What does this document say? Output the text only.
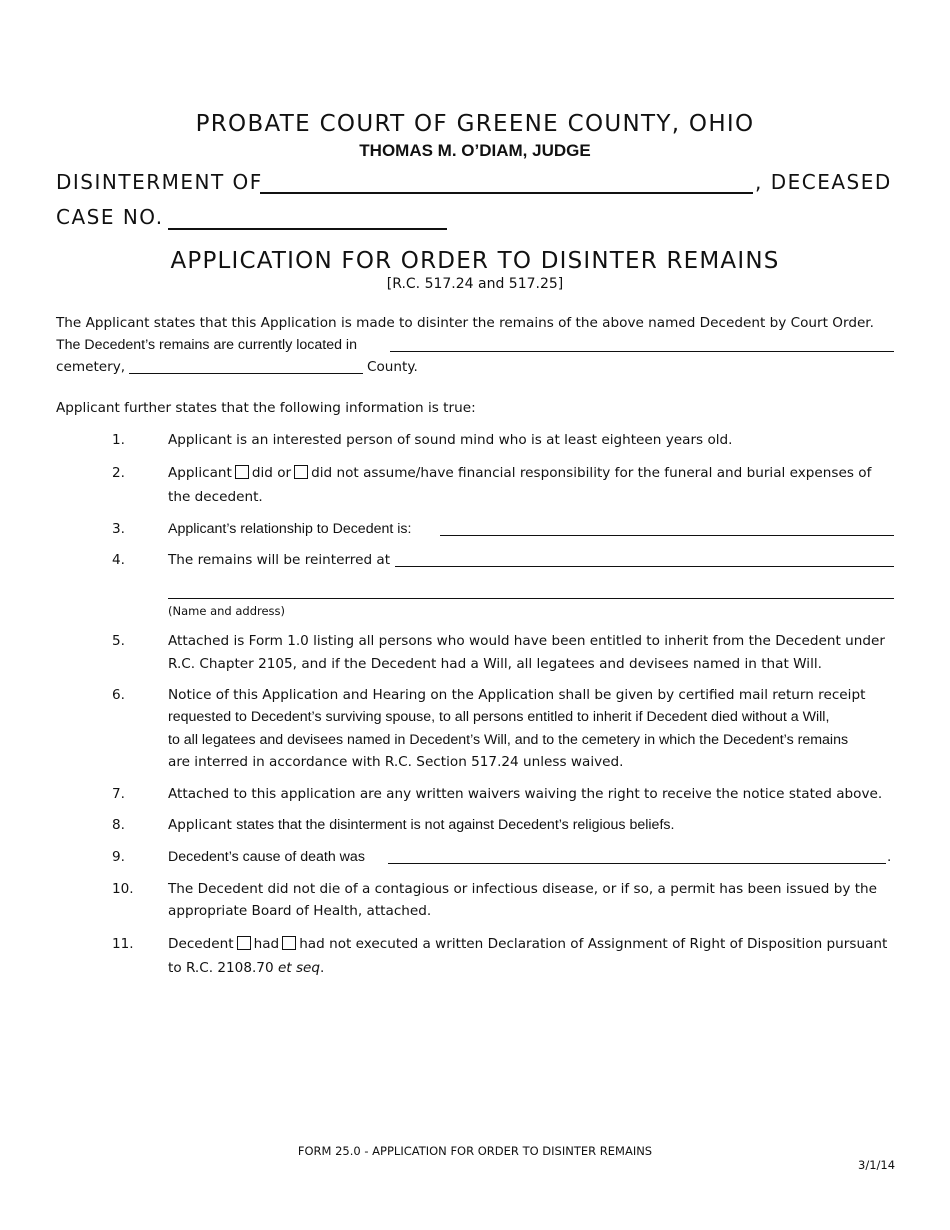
PROBATE COURT OF GREENE COUNTY, OHIO
THOMAS M. O’DIAM, JUDGE
DISINTERMENT OF	, DECEASED
CASE NO.
APPLICATION FOR ORDER TO DISINTER REMAINS
[R.C. 517.24 and 517.25]
The Applicant states that this Application is made to disinter the remains of the above named Decedent by Court Order.
The Decedent’s remains are currently located in
cemetery,	County.
Applicant further states that the following information is true:
1.	Applicant is an interested person of sound mind who is at least eighteen years old.
2.	Applicant did or did not assume/have financial responsibility for the funeral and burial expenses of
the decedent.
3.	Applicant’s relationship to Decedent is:
4.	The remains will be reinterred at
(Name and address)
5.	Attached is Form 1.0 listing all persons who would have been entitled to inherit from the Decedent under
R.C. Chapter 2105, and if the Decedent had a Will, all legatees and devisees named in that Will.
6.	Notice of this Application and Hearing on the Application shall be given by certified mail return receipt
requested to Decedent’s surviving spouse, to all persons entitled to inherit if Decedent died without a Will,
to all legatees and devisees named in Decedent’s Will, and to the cemetery in which the Decedent’s remains
are interred in accordance with R.C. Section 517.24 unless waived.
7.	Attached to this application are any written waivers waiving the right to receive the notice stated above.
8.	Applicant states that the disinterment is not against Decedent’s religious beliefs.
9.	Decedent’s cause of death was	.
10.	The Decedent did not die of a contagious or infectious disease, or if so, a permit has been issued by the
appropriate Board of Health, attached.
11.	Decedent had had not executed a written Declaration of Assignment of Right of Disposition pursuant
to R.C. 2108.70 et seq.
FORM 25.0 - APPLICATION FOR ORDER TO DISINTER REMAINS
3/1/14
